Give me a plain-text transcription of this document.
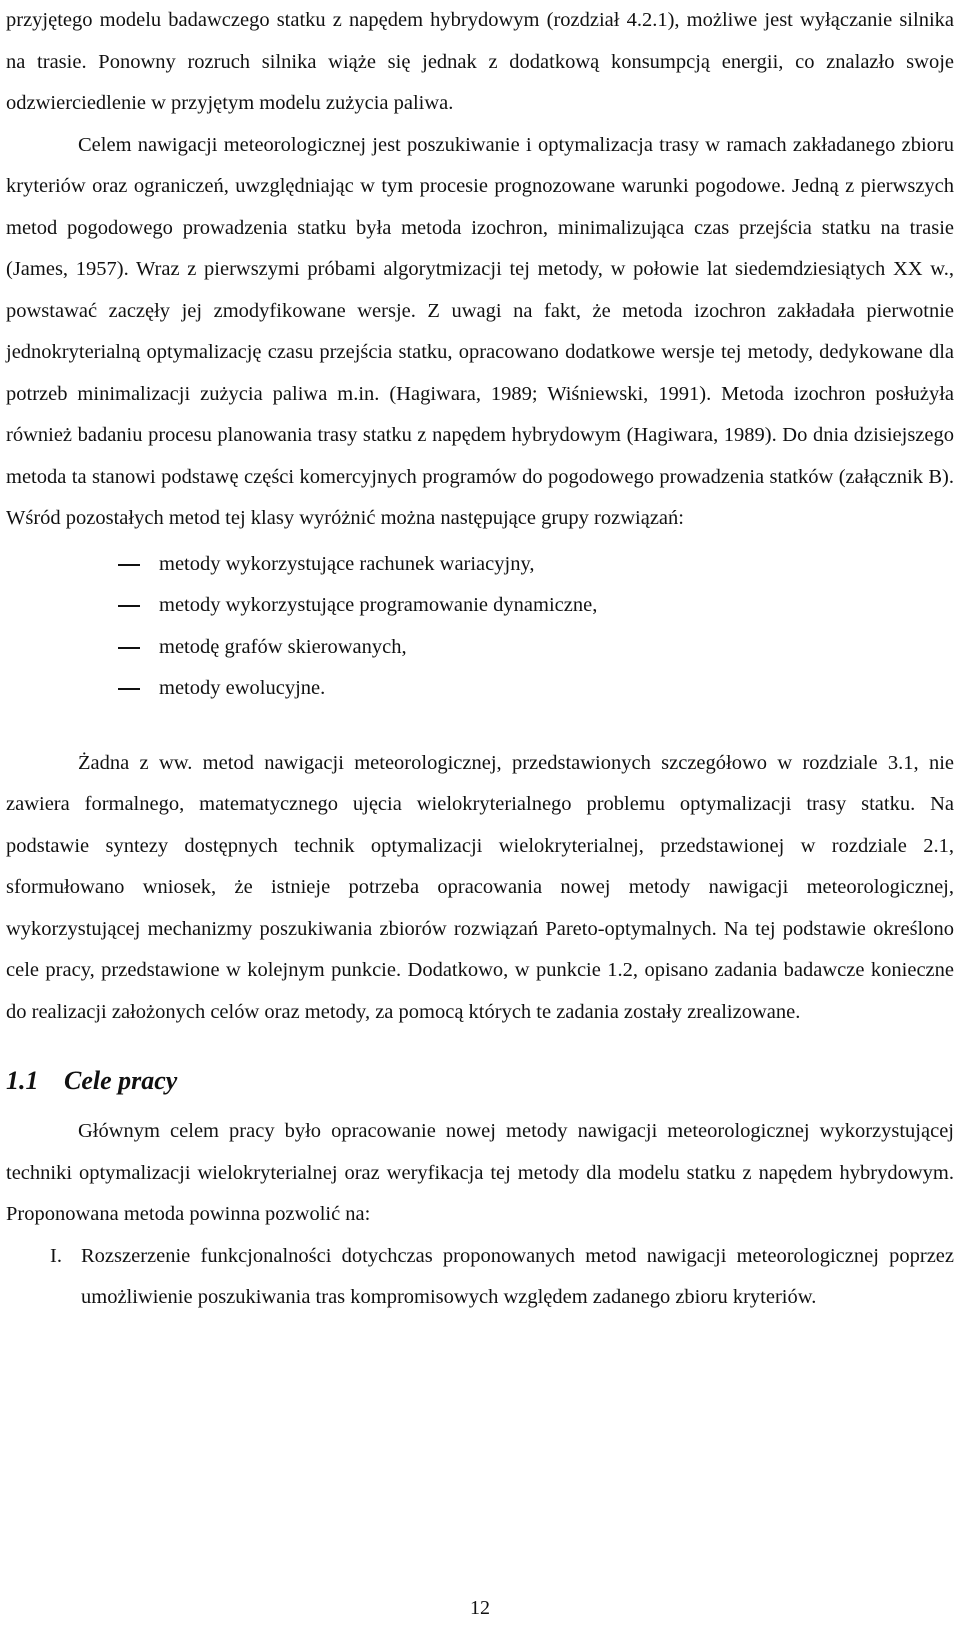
przyjętego modelu badawczego statku z napędem hybrydowym (rozdział 4.2.1), możliwe jest wyłączanie silnika na trasie. Ponowny rozruch silnika wiąże się jednak z dodatkową konsumpcją energii, co znalazło swoje odzwierciedlenie w przyjętym modelu zużycia paliwa.

Celem nawigacji meteorologicznej jest poszukiwanie i optymalizacja trasy w ramach zakładanego zbioru kryteriów oraz ograniczeń, uwzględniając w tym procesie prognozowane warunki pogodowe. Jedną z pierwszych metod pogodowego prowadzenia statku była metoda izochron, minimalizująca czas przejścia statku na trasie (James, 1957). Wraz z pierwszymi próbami algorytmizacji tej metody, w połowie lat siedemdziesiątych XX w., powstawać zaczęły jej zmodyfikowane wersje. Z uwagi na fakt, że metoda izochron zakładała pierwotnie jednokryterialną optymalizację czasu przejścia statku, opracowano dodatkowe wersje tej metody, dedykowane dla potrzeb minimalizacji zużycia paliwa m.in. (Hagiwara, 1989; Wiśniewski, 1991). Metoda izochron posłużyła również badaniu procesu planowania trasy statku z napędem hybrydowym (Hagiwara, 1989). Do dnia dzisiejszego metoda ta stanowi podstawę części komercyjnych programów do pogodowego prowadzenia statków (załącznik B). Wśród pozostałych metod tej klasy wyróżnić można następujące grupy rozwiązań:

metody wykorzystujące rachunek wariacyjny,
metody wykorzystujące programowanie dynamiczne,
metodę grafów skierowanych,
metody ewolucyjne.

Żadna z ww. metod nawigacji meteorologicznej, przedstawionych szczegółowo w rozdziale 3.1, nie zawiera formalnego, matematycznego ujęcia wielokryterialnego problemu optymalizacji trasy statku. Na podstawie syntezy dostępnych technik optymalizacji wielokryterialnej, przedstawionej w rozdziale 2.1, sformułowano wniosek, że istnieje potrzeba opracowania nowej metody nawigacji meteorologicznej, wykorzystującej mechanizmy poszukiwania zbiorów rozwiązań Pareto-optymalnych. Na tej podstawie określono cele pracy, przedstawione w kolejnym punkcie. Dodatkowo, w punkcie 1.2, opisano zadania badawcze konieczne do realizacji założonych celów oraz metody, za pomocą których te zadania zostały zrealizowane.

1.1 Cele pracy

Głównym celem pracy było opracowanie nowej metody nawigacji meteorologicznej wykorzystującej techniki optymalizacji wielokryterialnej oraz weryfikacja tej metody dla modelu statku z napędem hybrydowym. Proponowana metoda powinna pozwolić na:

I. Rozszerzenie funkcjonalności dotychczas proponowanych metod nawigacji meteorologicznej poprzez umożliwienie poszukiwania tras kompromisowych względem zadanego zbioru kryteriów.
12
